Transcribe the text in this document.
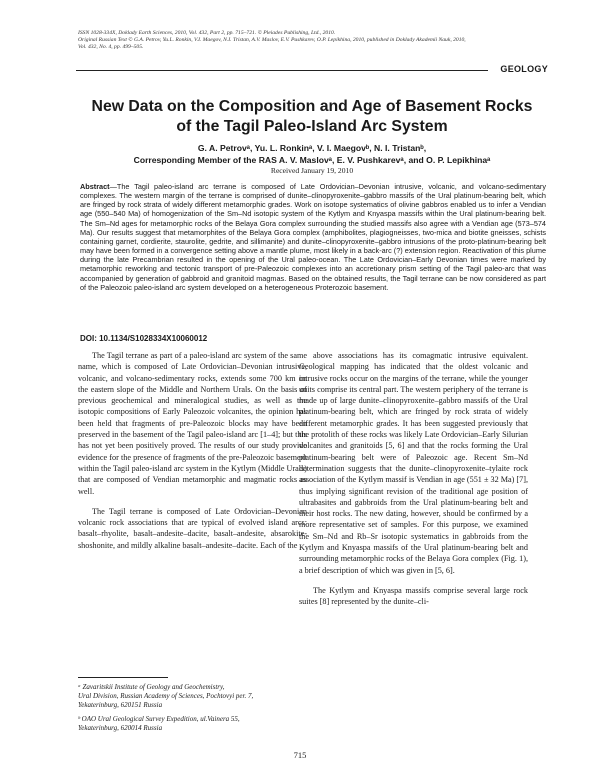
ISSN 1028-334X, Doklady Earth Sciences, 2010, Vol. 432, Part 2, pp. 715–721. © Pleiades Publishing, Ltd., 2010.
Original Russian Text © G.A. Petrov, Yu.L. Ronkin, V.I. Maegov, N.I. Tristan, A.V. Maslov, E.V. Pushkarev, O.P. Lepikhina, 2010, published in Doklady Akademii Nauk, 2010,
Vol. 432, No. 4, pp. 499–505.
GEOLOGY
New Data on the Composition and Age of Basement Rocks
of the Tagil Paleo-Island Arc System
G. A. Petrovᵃ, Yu. L. Ronkinᵃ, V. I. Maegovᵇ, N. I. Tristanᵇ,
Corresponding Member of the RAS A. V. Maslovᵃ, E. V. Pushkarevᵃ, and O. P. Lepikhinaᵃ
Received January 19, 2010
Abstract—The Tagil paleo-island arc terrane is composed of Late Ordovician–Devonian intrusive, volcanic, and volcano-sedimentary complexes. The western margin of the terrane is comprised of dunite–clinopyroxenite–gabbro massifs of the Ural platinum-bearing belt, which are fringed by rock strata of widely different metamorphic grades. Work on isotope systematics of olivine gabbros enabled us to infer a Vendian age (550–540 Ma) of homogenization of the Sm–Nd isotopic system of the Kytlym and Knyaspa massifs within the Ural platinum-bearing belt. The Sm–Nd ages for metamorphic rocks of the Belaya Gora complex surrounding the studied massifs also agree with a Vendian age (573–574 Ma). Our results suggest that metamorphites of the Belaya Gora complex (amphibolites, plagiogneisses, two-mica and biotite gneisses, schists containing garnet, cordierite, staurolite, gedrite, and sillimanite) and dunite–clinopyroxenite–gabbro intrusions of the proto-platinum-bearing belt may have been formed in a convergence setting above a mantle plume, most likely in a back-arc (?) extension region. Reactivation of this plume during the late Precambrian resulted in the opening of the Ural paleo-ocean. The Late Ordovician–Early Devonian times were marked by metamorphic reworking and tectonic transport of pre-Paleozoic complexes into an accretionary prism setting of the Tagil paleo-arc that was accompanied by generation of gabbroid and granitoid magmas. Based on the obtained results, the Tagil terrane can be now considered as part of the Paleozoic paleo-island arc system developed on a heterogeneous Proterozoic basement.
DOI: 10.1134/S1028334X10060012

The Tagil terrane as part of a paleo-island arc system of the same name, which is composed of Late Ordovician–Devonian intrusive, volcanic, and volcano-sedimentary rocks, extends some 700 km on the eastern slope of the Middle and Northern Urals. On the basis of previous geochemical and mineralogical studies, as well as the isotopic compositions of Early Paleozoic volcanites, the opinion has been held that fragments of pre-Paleozoic blocks may have been preserved in the basement of the Tagil paleo-island arc [1–4]; but this has not yet been positively proved. The results of our study provide evidence for the presence of fragments of the pre-Paleozoic basement within the Tagil paleo-island arc system in the Kytlym (Middle Urals) that are composed of Vendian metamorphic and magmatic rocks as well.

The Tagil terrane is composed of Late Ordovician–Devonian volcanic rock associations that are typical of evolved island arcs: basalt–rhyolite, basalt–andesite–dacite, basalt–andesite, absarokite-shoshonite, and mildly alkaline basalt–andesite–dacite. Each of the

above associations has its comagmatic intrusive equivalent. Geological mapping has indicated that the oldest volcanic and intrusive rocks occur on the margins of the terrane, while the younger units comprise its central part. The western periphery of the terrane is made up of large dunite–clinopyroxenite–gabbro massifs of the Ural platinum-bearing belt, which are fringed by rock strata of widely different metamorphic grades. It has been suggested previously that the protolith of these rocks was likely Late Ordovician–Early Silurian volcanites and granitoids [5, 6] and that the rocks forming the Ural platinum-bearing belt were of Paleozoic age. Recent Sm–Nd determination suggests that the dunite–clinopyroxenite–tylaite rock association of the Kytlym massif is Vendian in age (551 ± 32 Ma) [7], thus implying significant revision of the traditional age position of ultrabasites and gabbroids from the Ural platinum-bearing belt and their host rocks. The new dating, however, should be confirmed by a more representative set of samples. For this purpose, we examined the Sm–Nd and Rb–Sr isotopic systematics in gabbroids from the Kytlym and Knyaspa massifs of the Ural platinum-bearing belt and surrounding metamorphic rocks of the Belaya Gora complex (Fig. 1), a brief description of which was given in [5, 6].

The Kytlym and Knyaspa massifs comprise several large rock suites [8] represented by the dunite–cli-

ᵃ Zavaritskii Institute of Geology and Geochemistry,
Ural Division, Russian Academy of Sciences, Pochtovyi per. 7,
Yekaterinburg, 620151 Russia
ᵇ OAO Ural Geological Survey Expedition, ul.Vainera 55,
Yekaterinburg, 620014 Russia
715
